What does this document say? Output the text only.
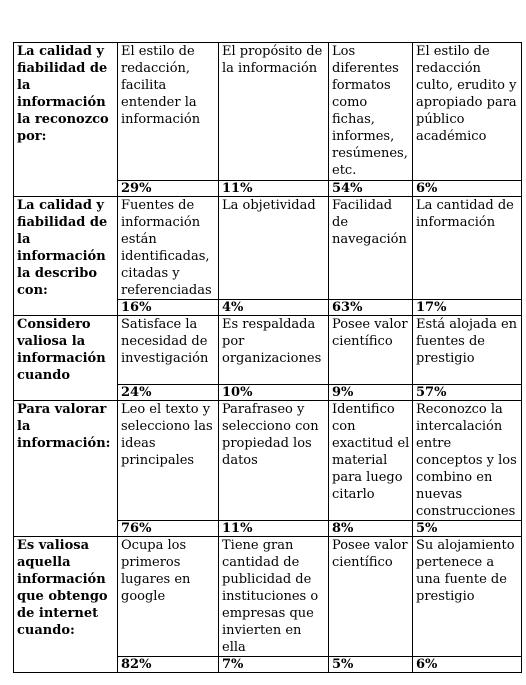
La calidad y fiabilidad de la información la reconozco por:	El estilo de redacción, facilita entender la información	El propósito de la información	Los diferentes formatos como fichas, informes, resúmenes, etc.	El estilo de redacción culto, erudito y apropiado para público académico
	29%	11%	54%	6%
La calidad y fiabilidad de la información la describo con:	Fuentes de información están identificadas, citadas y referenciadas	La objetividad	Facilidad de navegación	La cantidad de información
	16%	4%	63%	17%
Considero valiosa la información cuando	Satisface la necesidad de investigación	Es respaldada por organizaciones	Posee valor científico	Está alojada en fuentes de prestigio
	24%	10%	9%	57%
Para valorar la información:	Leo el texto y selecciono las ideas principales	Parafraseo y selecciono con propiedad los datos	Identifico con exactitud el material para luego citarlo	Reconozco la intercalación entre conceptos y los combino en nuevas construcciones
	76%	11%	8%	5%
Es valiosa aquella información que obtengo de internet cuando:	Ocupa los primeros lugares en google	Tiene gran cantidad de publicidad de instituciones o empresas que invierten en ella	Posee valor científico	Su alojamiento pertenece a una fuente de prestigio
	82%	7%	5%	6%
